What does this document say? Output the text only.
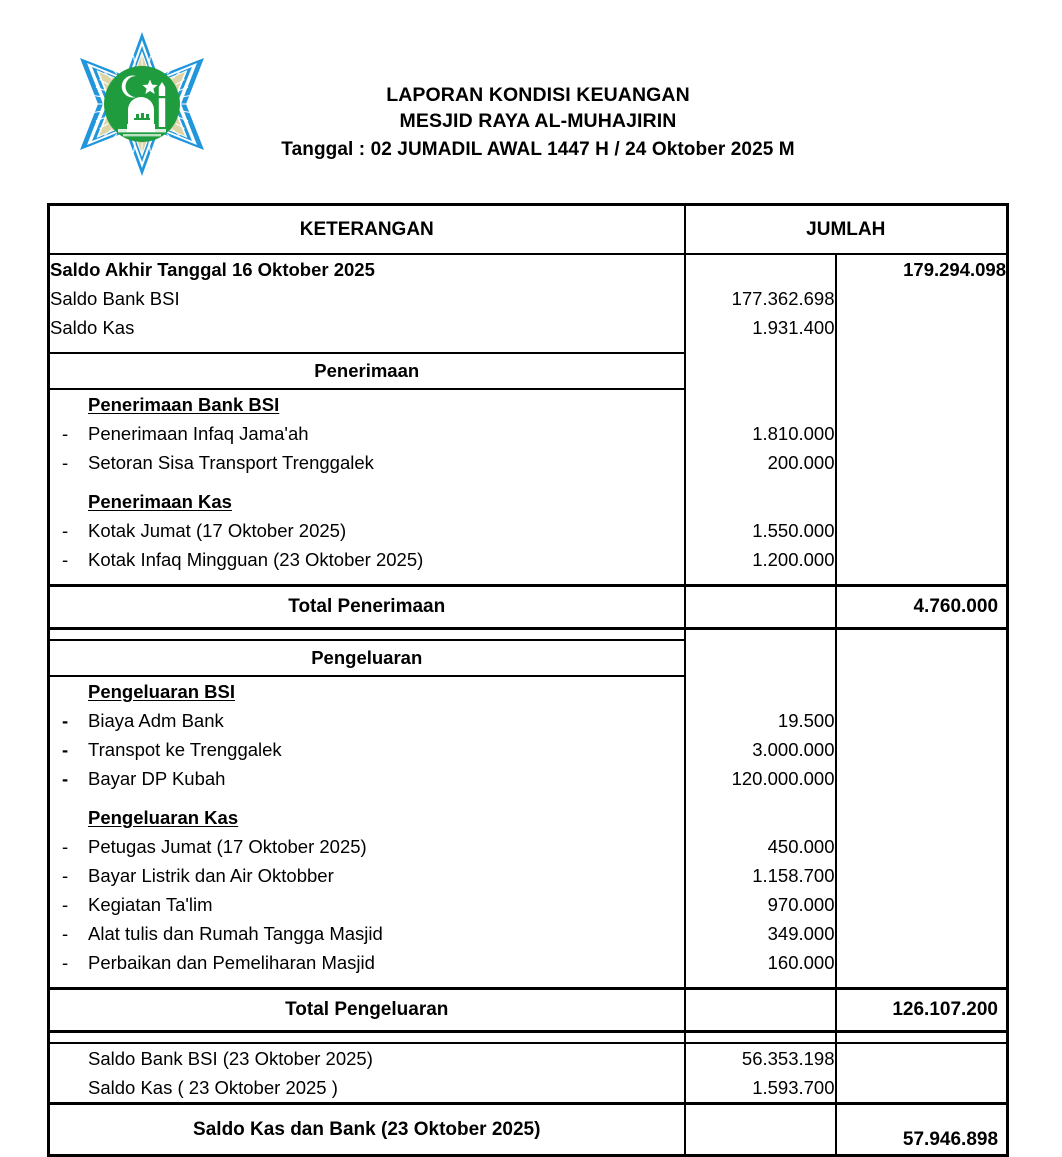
LAPORAN KONDISI KEUANGAN
MESJID RAYA AL-MUHAJIRIN
Tanggal : 02 JUMADIL AWAL 1447 H / 24 Oktober 2025 M
KETERANGAN	JUMLAH	
Saldo Akhir Tanggal 16 Oktober 2025		179.294.098
Saldo Bank BSI	177.362.698	
Saldo Kas	1.931.400	

Penerimaan		
Penerimaan Bank BSI		
- Penerimaan Infaq Jama'ah	1.810.000	
- Setoran Sisa Transport Trenggalek	200.000	

Penerimaan Kas		
- Kotak Jumat (17 Oktober 2025)	1.550.000	
- Kotak Infaq Mingguan (23 Oktober 2025)	1.200.000	

Total Penerimaan		4.760.000

Pengeluaran		
Pengeluaran BSI		
- Biaya Adm Bank	19.500	
- Transpot ke Trenggalek	3.000.000	
- Bayar DP Kubah	120.000.000	

Pengeluaran Kas		
- Petugas Jumat (17 Oktober 2025)	450.000	
- Bayar Listrik dan Air Oktobber	1.158.700	
- Kegiatan Ta'lim	970.000	
- Alat tulis dan Rumah Tangga Masjid	349.000	
- Perbaikan dan Pemeliharan Masjid	160.000	

Total Pengeluaran		126.107.200

Saldo Bank BSI (23 Oktober 2025)	56.353.198	
Saldo Kas ( 23 Oktober 2025 )	1.593.700	
Saldo Kas dan Bank (23 Oktober 2025)		57.946.898
